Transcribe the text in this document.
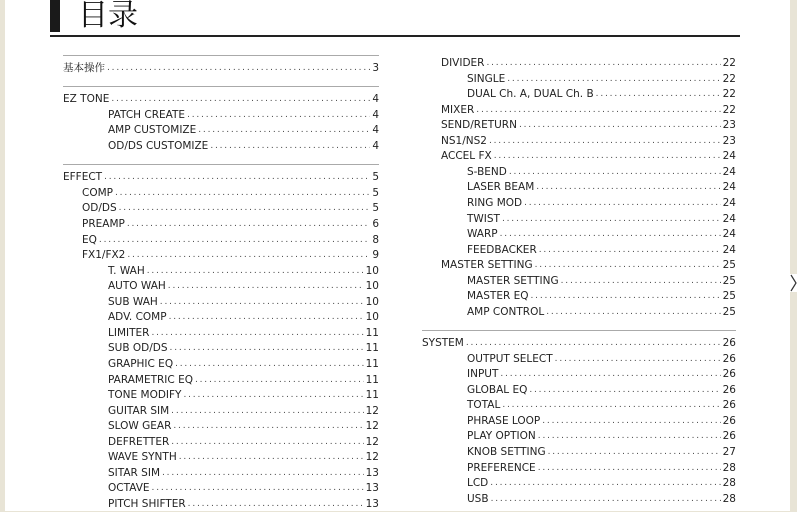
目录
基本操作 .....	3
EZ TONE .....	4
PATCH CREATE .....	4
AMP CUSTOMIZE .....	4
OD/DS CUSTOMIZE .....	4
EFFECT .....	5
COMP .....	5
OD/DS .....	5
PREAMP .....	6
EQ .....	8
FX1/FX2 .....	9
T. WAH .....	10
AUTO WAH .....	10
SUB WAH .....	10
ADV. COMP .....	10
LIMITER .....	11
SUB OD/DS .....	11
GRAPHIC EQ .....	11
PARAMETRIC EQ .....	11
TONE MODIFY .....	11
GUITAR SIM .....	12
SLOW GEAR .....	12
DEFRETTER .....	12
WAVE SYNTH .....	12
SITAR SIM .....	13
OCTAVE .....	13
PITCH SHIFTER .....	13
DIVIDER .....	22
SINGLE .....	22
DUAL Ch. A, DUAL Ch. B .....	22
MIXER .....	22
SEND/RETURN .....	23
NS1/NS2 .....	23
ACCEL FX .....	24
S-BEND .....	24
LASER BEAM .....	24
RING MOD .....	24
TWIST .....	24
WARP .....	24
FEEDBACKER .....	24
MASTER SETTING .....	25
MASTER SETTING .....	25
MASTER EQ .....	25
AMP CONTROL .....	25
SYSTEM .....	26
OUTPUT SELECT .....	26
INPUT .....	26
GLOBAL EQ .....	26
TOTAL .....	26
PHRASE LOOP .....	26
PLAY OPTION .....	26
KNOB SETTING .....	27
PREFERENCE .....	28
LCD .....	28
USB .....	28
